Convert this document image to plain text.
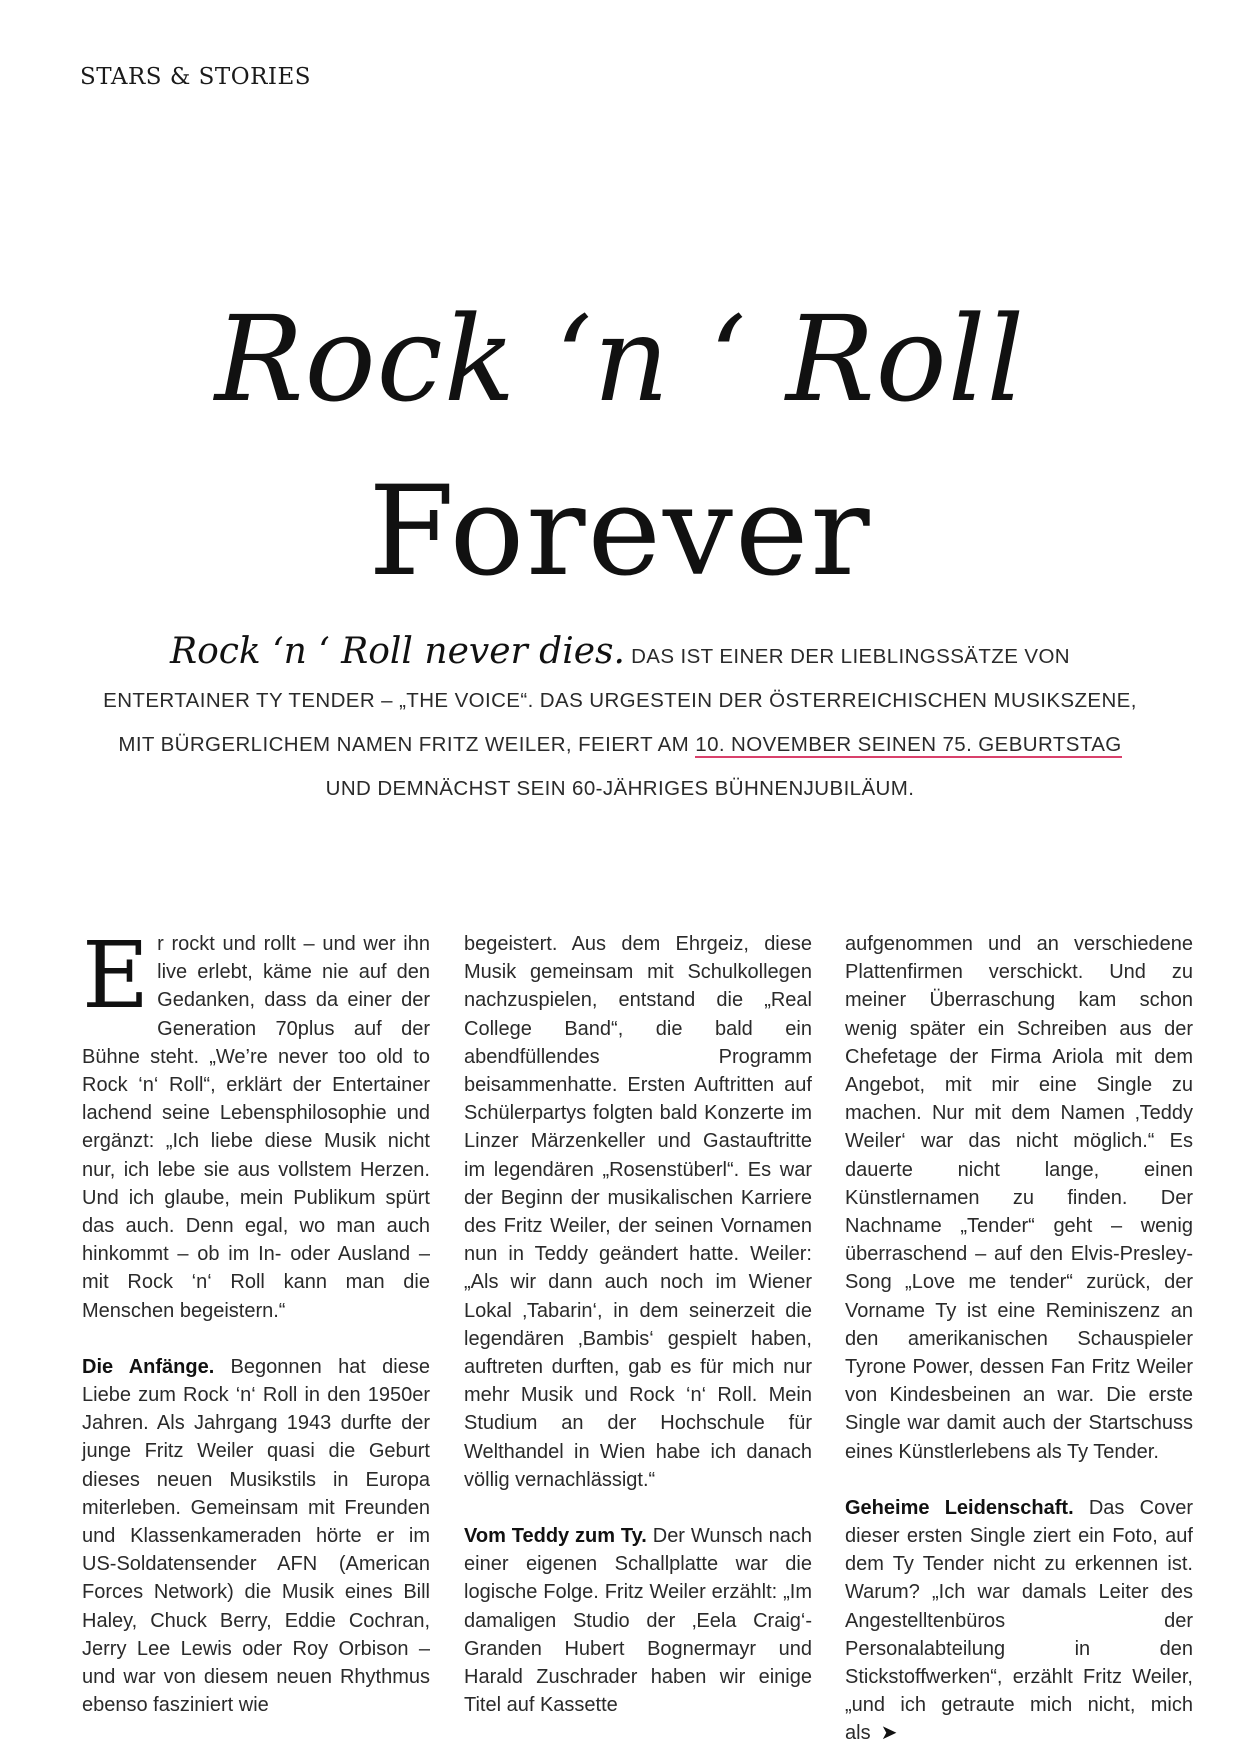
STARS & STORIES
Rock ‘n ‘ Roll
Forever
Rock ‘n ‘ Roll never dies. DAS IST EINER DER LIEBLINGSSÄTZE VON ENTERTAINER TY TENDER – „THE VOICE“. DAS URGESTEIN DER ÖSTERREICHISCHEN MUSIKSZENE, MIT BÜRGERLICHEM NAMEN FRITZ WEILER, FEIERT AM 10. NOVEMBER SEINEN 75. GEBURTSTAG UND DEMNÄCHST SEIN 60-JÄHRIGES BÜHNENJUBILÄUM.

Er rockt und rollt – und wer ihn live erlebt, käme nie auf den Gedanken, dass da einer der Generation 70plus auf der Bühne steht. „We’re never too old to Rock ‘n‘ Roll“, erklärt der Entertainer lachend seine Lebensphilosophie und ergänzt: „Ich liebe diese Musik nicht nur, ich lebe sie aus vollstem Herzen. Und ich glaube, mein Publikum spürt das auch. Denn egal, wo man auch hinkommt – ob im In- oder Ausland – mit Rock ‘n‘ Roll kann man die Menschen begeistern.“

Die Anfänge. Begonnen hat diese Liebe zum Rock ‘n‘ Roll in den 1950er Jahren. Als Jahrgang 1943 durfte der junge Fritz Weiler quasi die Geburt dieses neuen Musikstils in Europa miterleben. Gemeinsam mit Freunden und Klassenkameraden hörte er im US-Soldatensender AFN (American Forces Network) die Musik eines Bill Haley, Chuck Berry, Eddie Cochran, Jerry Lee Lewis oder Roy Orbison – und war von diesem neuen Rhythmus ebenso fasziniert wie

begeistert. Aus dem Ehrgeiz, diese Musik gemeinsam mit Schulkollegen nachzuspielen, entstand die „Real College Band“, die bald ein abendfüllendes Programm beisammenhatte. Ersten Auftritten auf Schülerpartys folgten bald Konzerte im Linzer Märzenkeller und Gastauftritte im legendären „Rosenstüberl“. Es war der Beginn der musikalischen Karriere des Fritz Weiler, der seinen Vornamen nun in Teddy geändert hatte. Weiler: „Als wir dann auch noch im Wiener Lokal ‚Tabarin‘, in dem seinerzeit die legendären ‚Bambis‘ gespielt haben, auftreten durften, gab es für mich nur mehr Musik und Rock ‘n‘ Roll. Mein Studium an der Hochschule für Welthandel in Wien habe ich danach völlig vernachlässigt.“

Vom Teddy zum Ty. Der Wunsch nach einer eigenen Schallplatte war die logische Folge. Fritz Weiler erzählt: „Im damaligen Studio der ‚Eela Craig‘-Granden Hubert Bognermayr und Harald Zuschrader haben wir einige Titel auf Kassette

aufgenommen und an verschiedene Plattenfirmen verschickt. Und zu meiner Überraschung kam schon wenig später ein Schreiben aus der Chefetage der Firma Ariola mit dem Angebot, mit mir eine Single zu machen. Nur mit dem Namen ‚Teddy Weiler‘ war das nicht möglich.“ Es dauerte nicht lange, einen Künstlernamen zu finden. Der Nachname „Tender“ geht – wenig überraschend – auf den Elvis-Presley-Song „Love me tender“ zurück, der Vorname Ty ist eine Reminiszenz an den amerikanischen Schauspieler Tyrone Power, dessen Fan Fritz Weiler von Kindesbeinen an war. Die erste Single war damit auch der Startschuss eines Künstlerlebens als Ty Tender.

Geheime Leidenschaft. Das Cover dieser ersten Single ziert ein Foto, auf dem Ty Tender nicht zu erkennen ist. Warum? „Ich war damals Leiter des Angestelltenbüros der Personalabteilung in den Stickstoffwerken“, erzählt Fritz Weiler, „und ich getraute mich nicht, mich als ➤
